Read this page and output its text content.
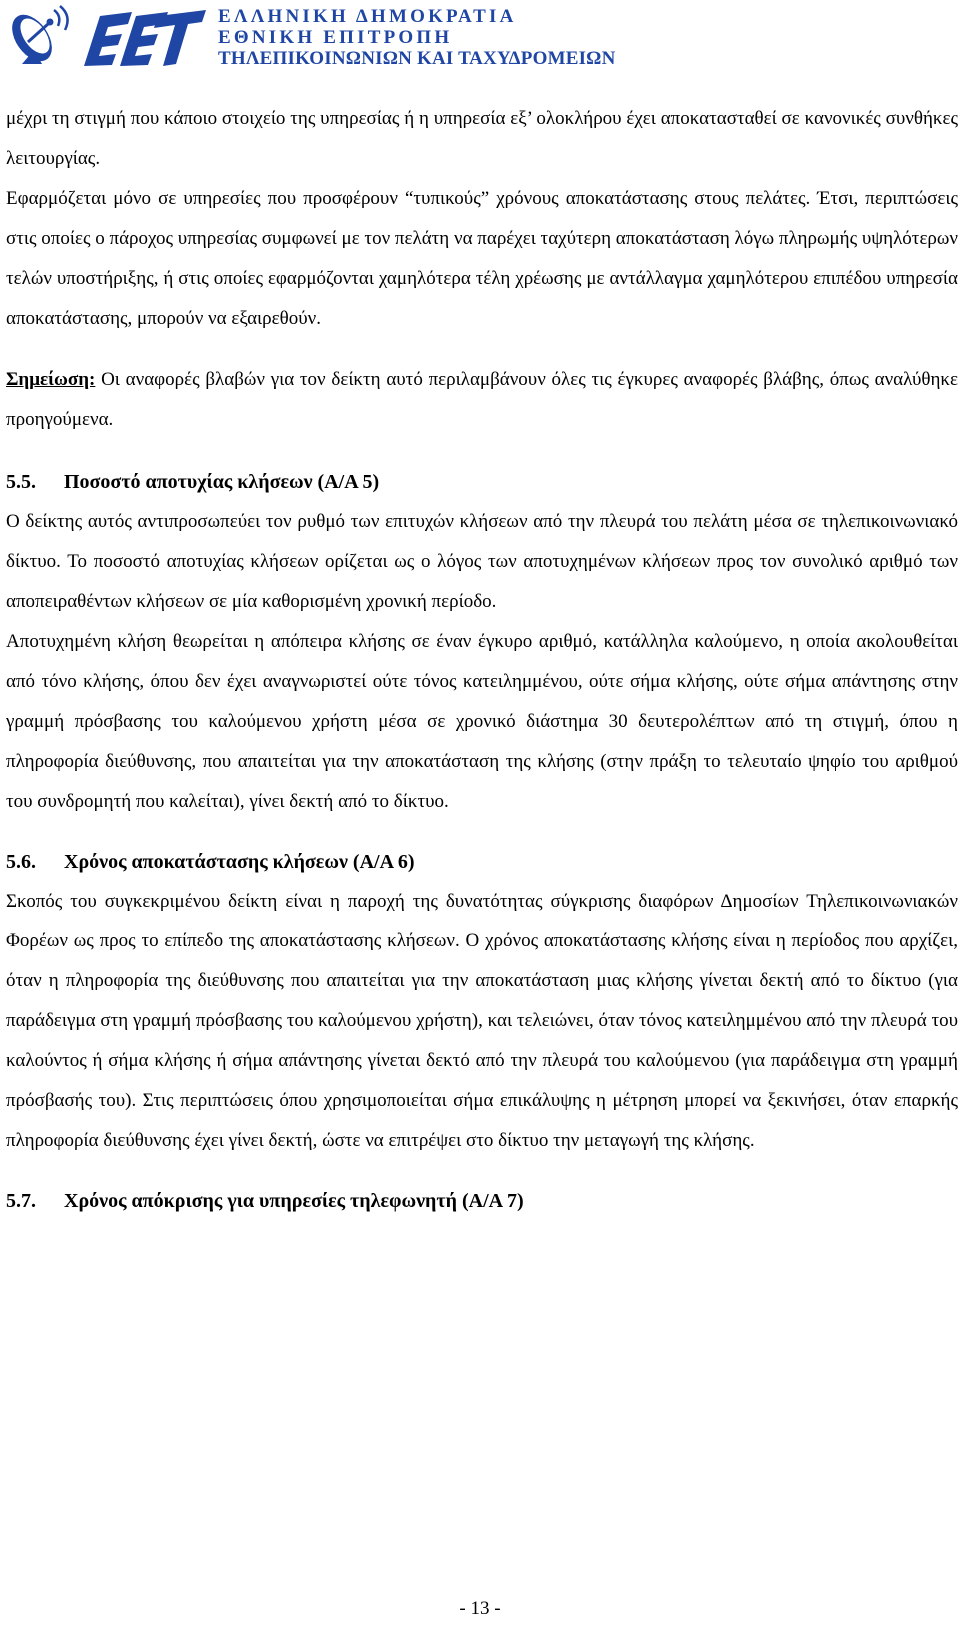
ΕΛΛΗΝΙΚΗ ΔΗΜΟΚΡΑΤΙΑ
ΕΘΝΙΚΗ ΕΠΙΤΡΟΠΗ
ΤΗΛΕΠΙΚΟΙΝΩΝΙΩΝ ΚΑΙ ΤΑΧΥΔΡΟΜΕΙΩΝ

μέχρι τη στιγμή που κάποιο στοιχείο της υπηρεσίας ή η υπηρεσία εξ’ ολοκλήρου έχει αποκατασταθεί σε κανονικές συνθήκες λειτουργίας.

Εφαρμόζεται μόνο σε υπηρεσίες που προσφέρουν “τυπικούς” χρόνους αποκατάστασης στους πελάτες. Έτσι, περιπτώσεις στις οποίες ο πάροχος υπηρεσίας συμφωνεί με τον πελάτη να παρέχει ταχύτερη αποκατάσταση λόγω πληρωμής υψηλότερων τελών υποστήριξης, ή στις οποίες εφαρμόζονται χαμηλότερα τέλη χρέωσης με αντάλλαγμα χαμηλότερου επιπέδου υπηρεσία αποκατάστασης, μπορούν να εξαιρεθούν.

Σημείωση: Οι αναφορές βλαβών για τον δείκτη αυτό περιλαμβάνουν όλες τις έγκυρες αναφορές βλάβης, όπως αναλύθηκε προηγούμενα.

5.5. Ποσοστό αποτυχίας κλήσεων (Α/Α 5)

Ο δείκτης αυτός αντιπροσωπεύει τον ρυθμό των επιτυχών κλήσεων από την πλευρά του πελάτη μέσα σε τηλεπικοινωνιακό δίκτυο. Το ποσοστό αποτυχίας κλήσεων ορίζεται ως ο λόγος των αποτυχημένων κλήσεων προς τον συνολικό αριθμό των αποπειραθέντων κλήσεων σε μία καθορισμένη χρονική περίοδο.

Αποτυχημένη κλήση θεωρείται η απόπειρα κλήσης σε έναν έγκυρο αριθμό, κατάλληλα καλούμενο, η οποία ακολουθείται από τόνο κλήσης, όπου δεν έχει αναγνωριστεί ούτε τόνος κατειλημμένου, ούτε σήμα κλήσης, ούτε σήμα απάντησης στην γραμμή πρόσβασης του καλούμενου χρήστη μέσα σε χρονικό διάστημα 30 δευτερολέπτων από τη στιγμή, όπου η πληροφορία διεύθυνσης, που απαιτείται για την αποκατάσταση της κλήσης (στην πράξη το τελευταίο ψηφίο του αριθμού του συνδρομητή που καλείται), γίνει δεκτή από το δίκτυο.

5.6. Χρόνος αποκατάστασης κλήσεων (Α/Α 6)

Σκοπός του συγκεκριμένου δείκτη είναι η παροχή της δυνατότητας σύγκρισης διαφόρων Δημοσίων Τηλεπικοινωνιακών Φορέων ως προς το επίπεδο της αποκατάστασης κλήσεων. Ο χρόνος αποκατάστασης κλήσης είναι η περίοδος που αρχίζει, όταν η πληροφορία της διεύθυνσης που απαιτείται για την αποκατάσταση μιας κλήσης γίνεται δεκτή από το δίκτυο (για παράδειγμα στη γραμμή πρόσβασης του καλούμενου χρήστη), και τελειώνει, όταν τόνος κατειλημμένου από την πλευρά του καλούντος ή σήμα κλήσης ή σήμα απάντησης γίνεται δεκτό από την πλευρά του καλούμενου (για παράδειγμα στη γραμμή πρόσβασής του). Στις περιπτώσεις όπου χρησιμοποιείται σήμα επικάλυψης η μέτρηση μπορεί να ξεκινήσει, όταν επαρκής πληροφορία διεύθυνσης έχει γίνει δεκτή, ώστε να επιτρέψει στο δίκτυο την μεταγωγή της κλήσης.

5.7. Χρόνος απόκρισης για υπηρεσίες τηλεφωνητή (Α/Α 7)
- 13 -
